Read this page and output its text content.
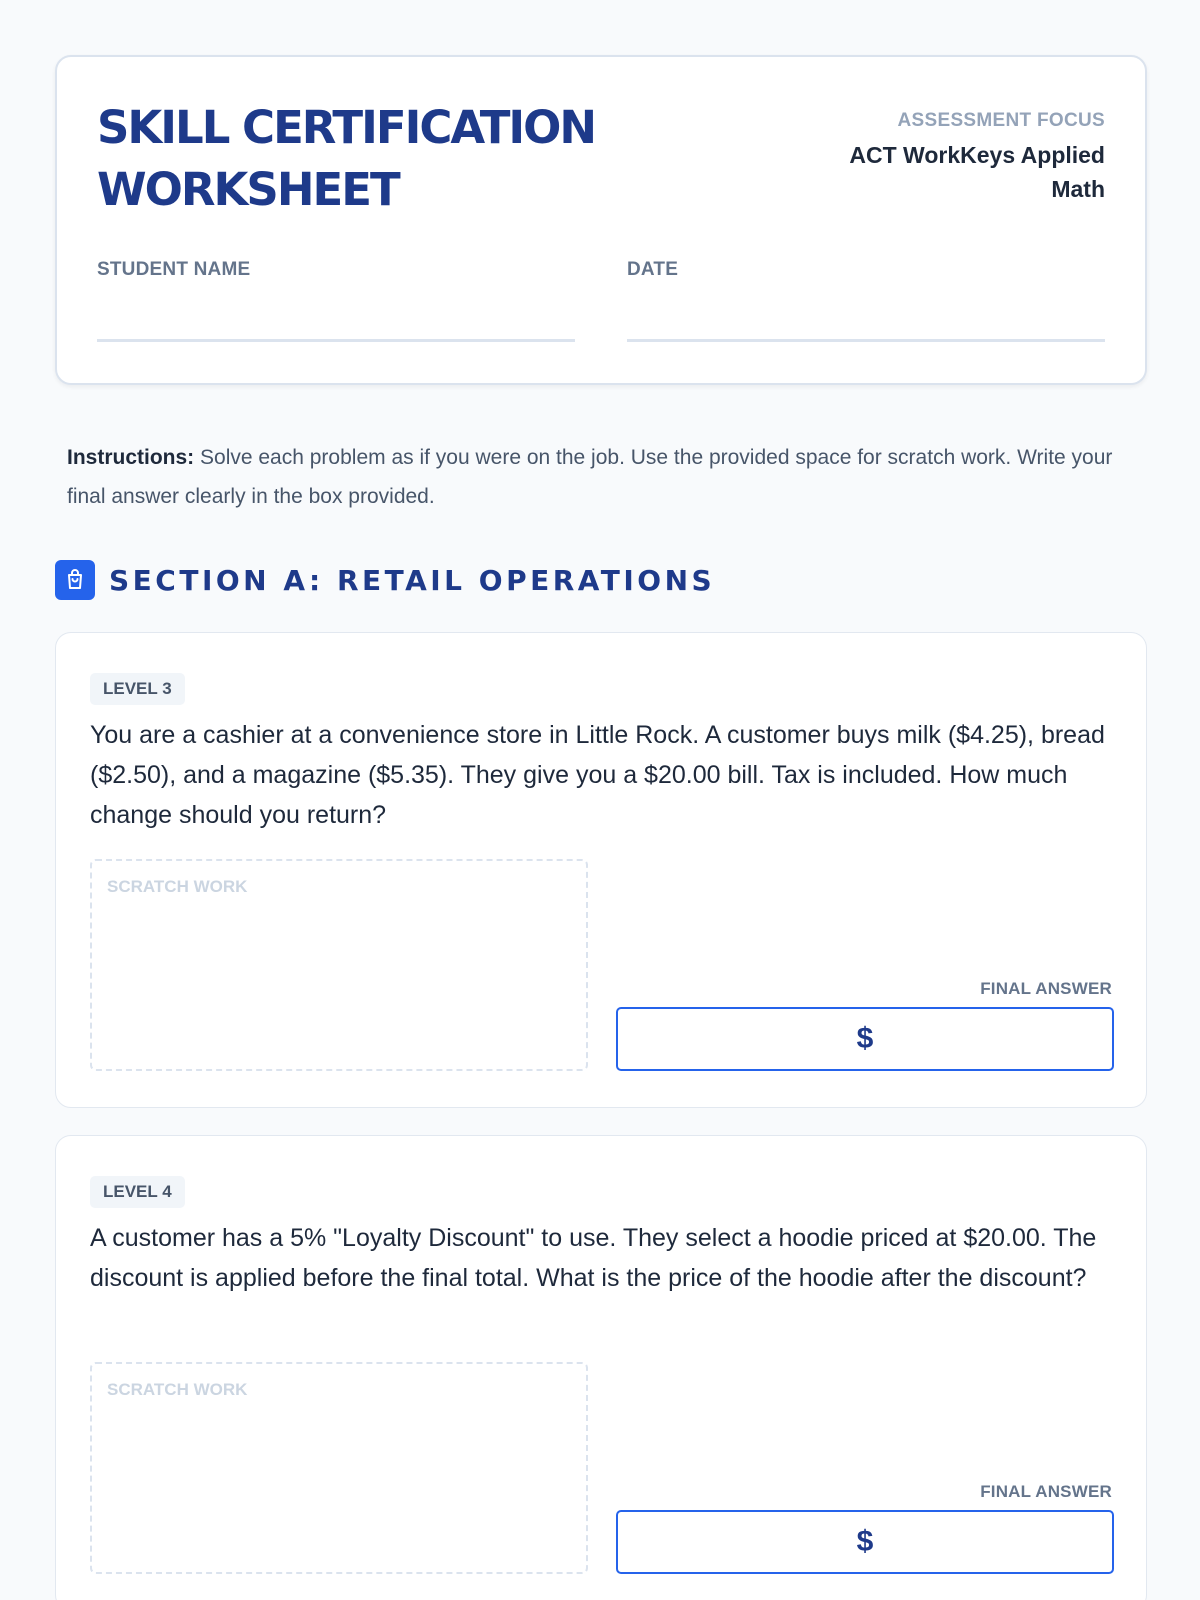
SKILL CERTIFICATION WORKSHEET
ASSESSMENT FOCUS
ACT WorkKeys Applied Math
STUDENT NAME	DATE

Instructions: Solve each problem as if you were on the job. Use the provided space for scratch work. Write your final answer clearly in the box provided.

SECTION A: RETAIL OPERATIONS
LEVEL 3

You are a cashier at a convenience store in Little Rock. A customer buys milk ($4.25), bread ($2.50), and a magazine ($5.35). They give you a $20.00 bill. Tax is included. How much change should you return?

SCRATCH WORK
FINAL ANSWER
$
LEVEL 4

A customer has a 5% "Loyalty Discount" to use. They select a hoodie priced at $20.00. The discount is applied before the final total. What is the price of the hoodie after the discount?

SCRATCH WORK
FINAL ANSWER
$
